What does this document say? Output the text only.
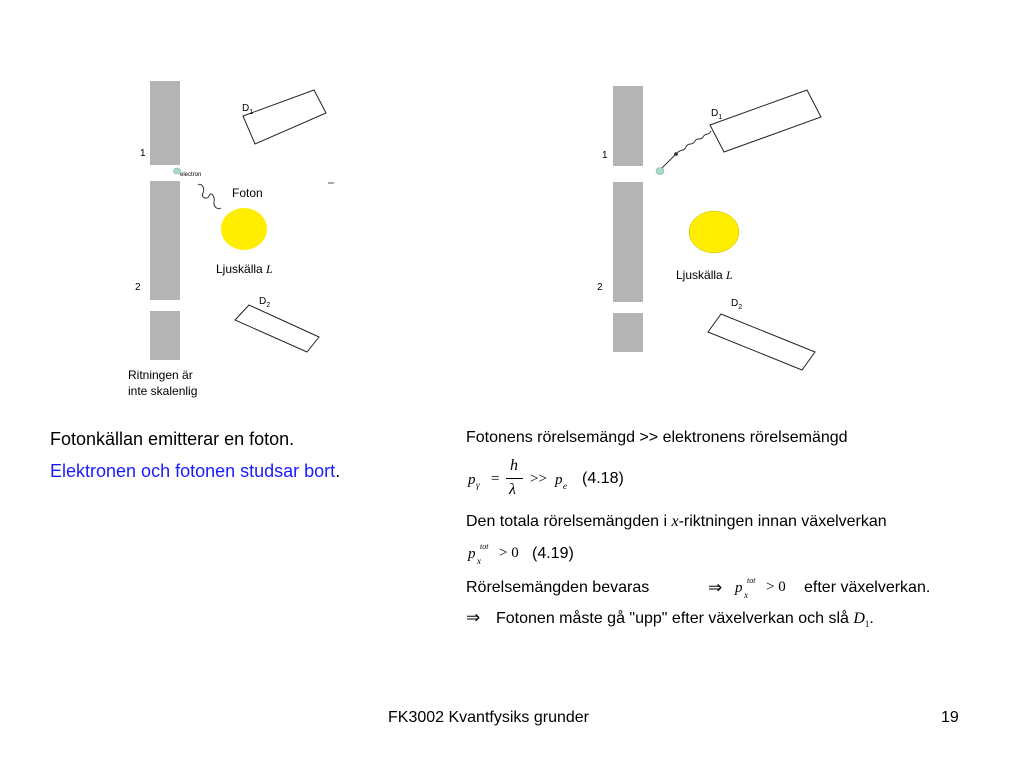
$D_1$
$D_2$
1
2
electron
Foton
Ljuskälla L
Ritningen är
inte skalenlig
$D_1$
$D_2$
1
2
Ljuskälla L
Fotonkällan emitterar en foton.
Elektronen och fotonen studsar bort.
Fotonens rörelsemängd >> elektronens rörelsemängd
p γ =
h
λ
>> p e (4.18)
Den totala rörelsemängden i x-riktningen innan växelverkan
p tot
x > 0 (4.19)
Rörelsemängden bevaras	⇒ p tot
x > 0 efter växelverkan.
⇒ Fotonen måste gå "upp" efter växelverkan och slå $D_1$.
FK3002 Kvantfysiks grunder	19
